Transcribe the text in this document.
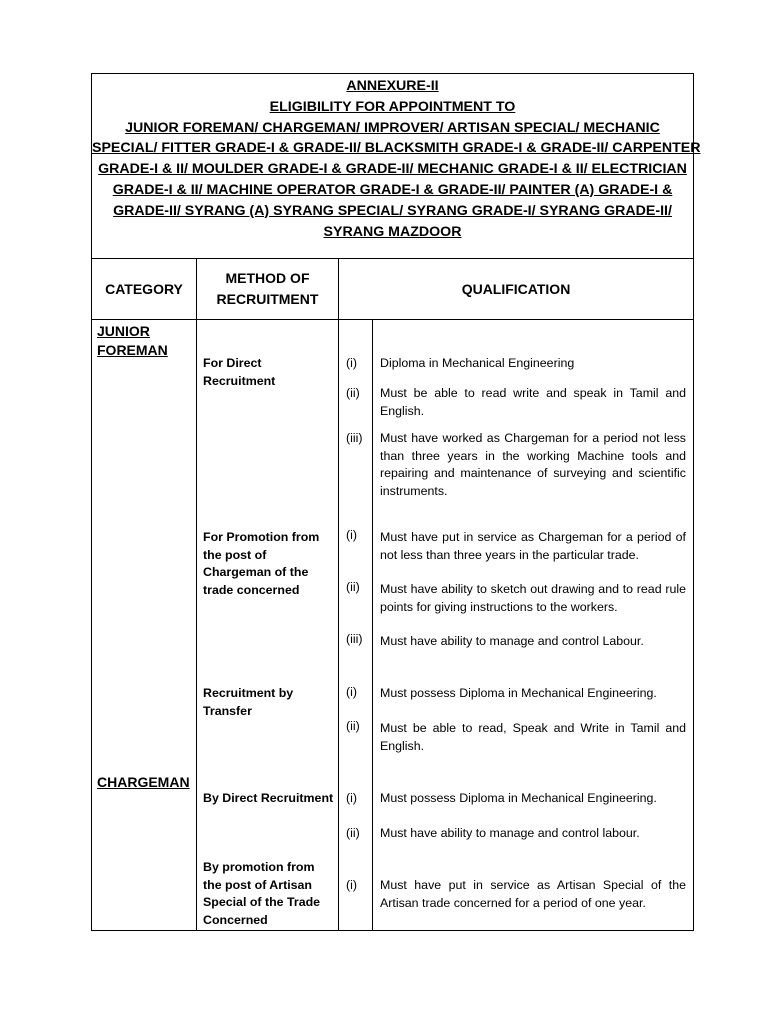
ANNEXURE-II
ELIGIBILITY FOR APPOINTMENT TO
JUNIOR FOREMAN/ CHARGEMAN/ IMPROVER/ ARTISAN SPECIAL/ MECHANIC
SPECIAL/ FITTER GRADE-I & GRADE-II/ BLACKSMITH GRADE-I & GRADE-II/ CARPENTER
GRADE-I & II/ MOULDER GRADE-I & GRADE-II/ MECHANIC GRADE-I & II/ ELECTRICIAN
GRADE-I & II/ MACHINE OPERATOR GRADE-I & GRADE-II/ PAINTER (A) GRADE-I &
GRADE-II/ SYRANG (A) SYRANG SPECIAL/ SYRANG GRADE-I/ SYRANG GRADE-II/
SYRANG MAZDOOR
CATEGORY
METHOD OF
RECRUITMENT
QUALIFICATION
JUNIOR
FOREMAN
CHARGEMAN
For Direct Recruitment
For Promotion from the post of Chargeman of the trade concerned
Recruitment by Transfer
By Direct Recruitment
By promotion from the post of Artisan Special of the Trade Concerned
(i)
(ii)
(iii)
(i)
(ii)
(iii)
(i)
(ii)
(i)
(ii)
(i)
Diploma in Mechanical Engineering
Must be able to read write and speak in Tamil and English.
Must have worked as Chargeman for a period not less than three years in the working Machine tools and repairing and maintenance of surveying and scientific instruments.
Must have put in service as Chargeman for a period of not less than three years in the particular trade.
Must have ability to sketch out drawing and to read rule points for giving instructions to the workers.
Must have ability to manage and control Labour.
Must possess Diploma in Mechanical Engineering.
Must be able to read, Speak and Write in Tamil and English.
Must possess Diploma in Mechanical Engineering.
Must have ability to manage and control labour.
Must have put in service as Artisan Special of the Artisan trade concerned for a period of one year.
